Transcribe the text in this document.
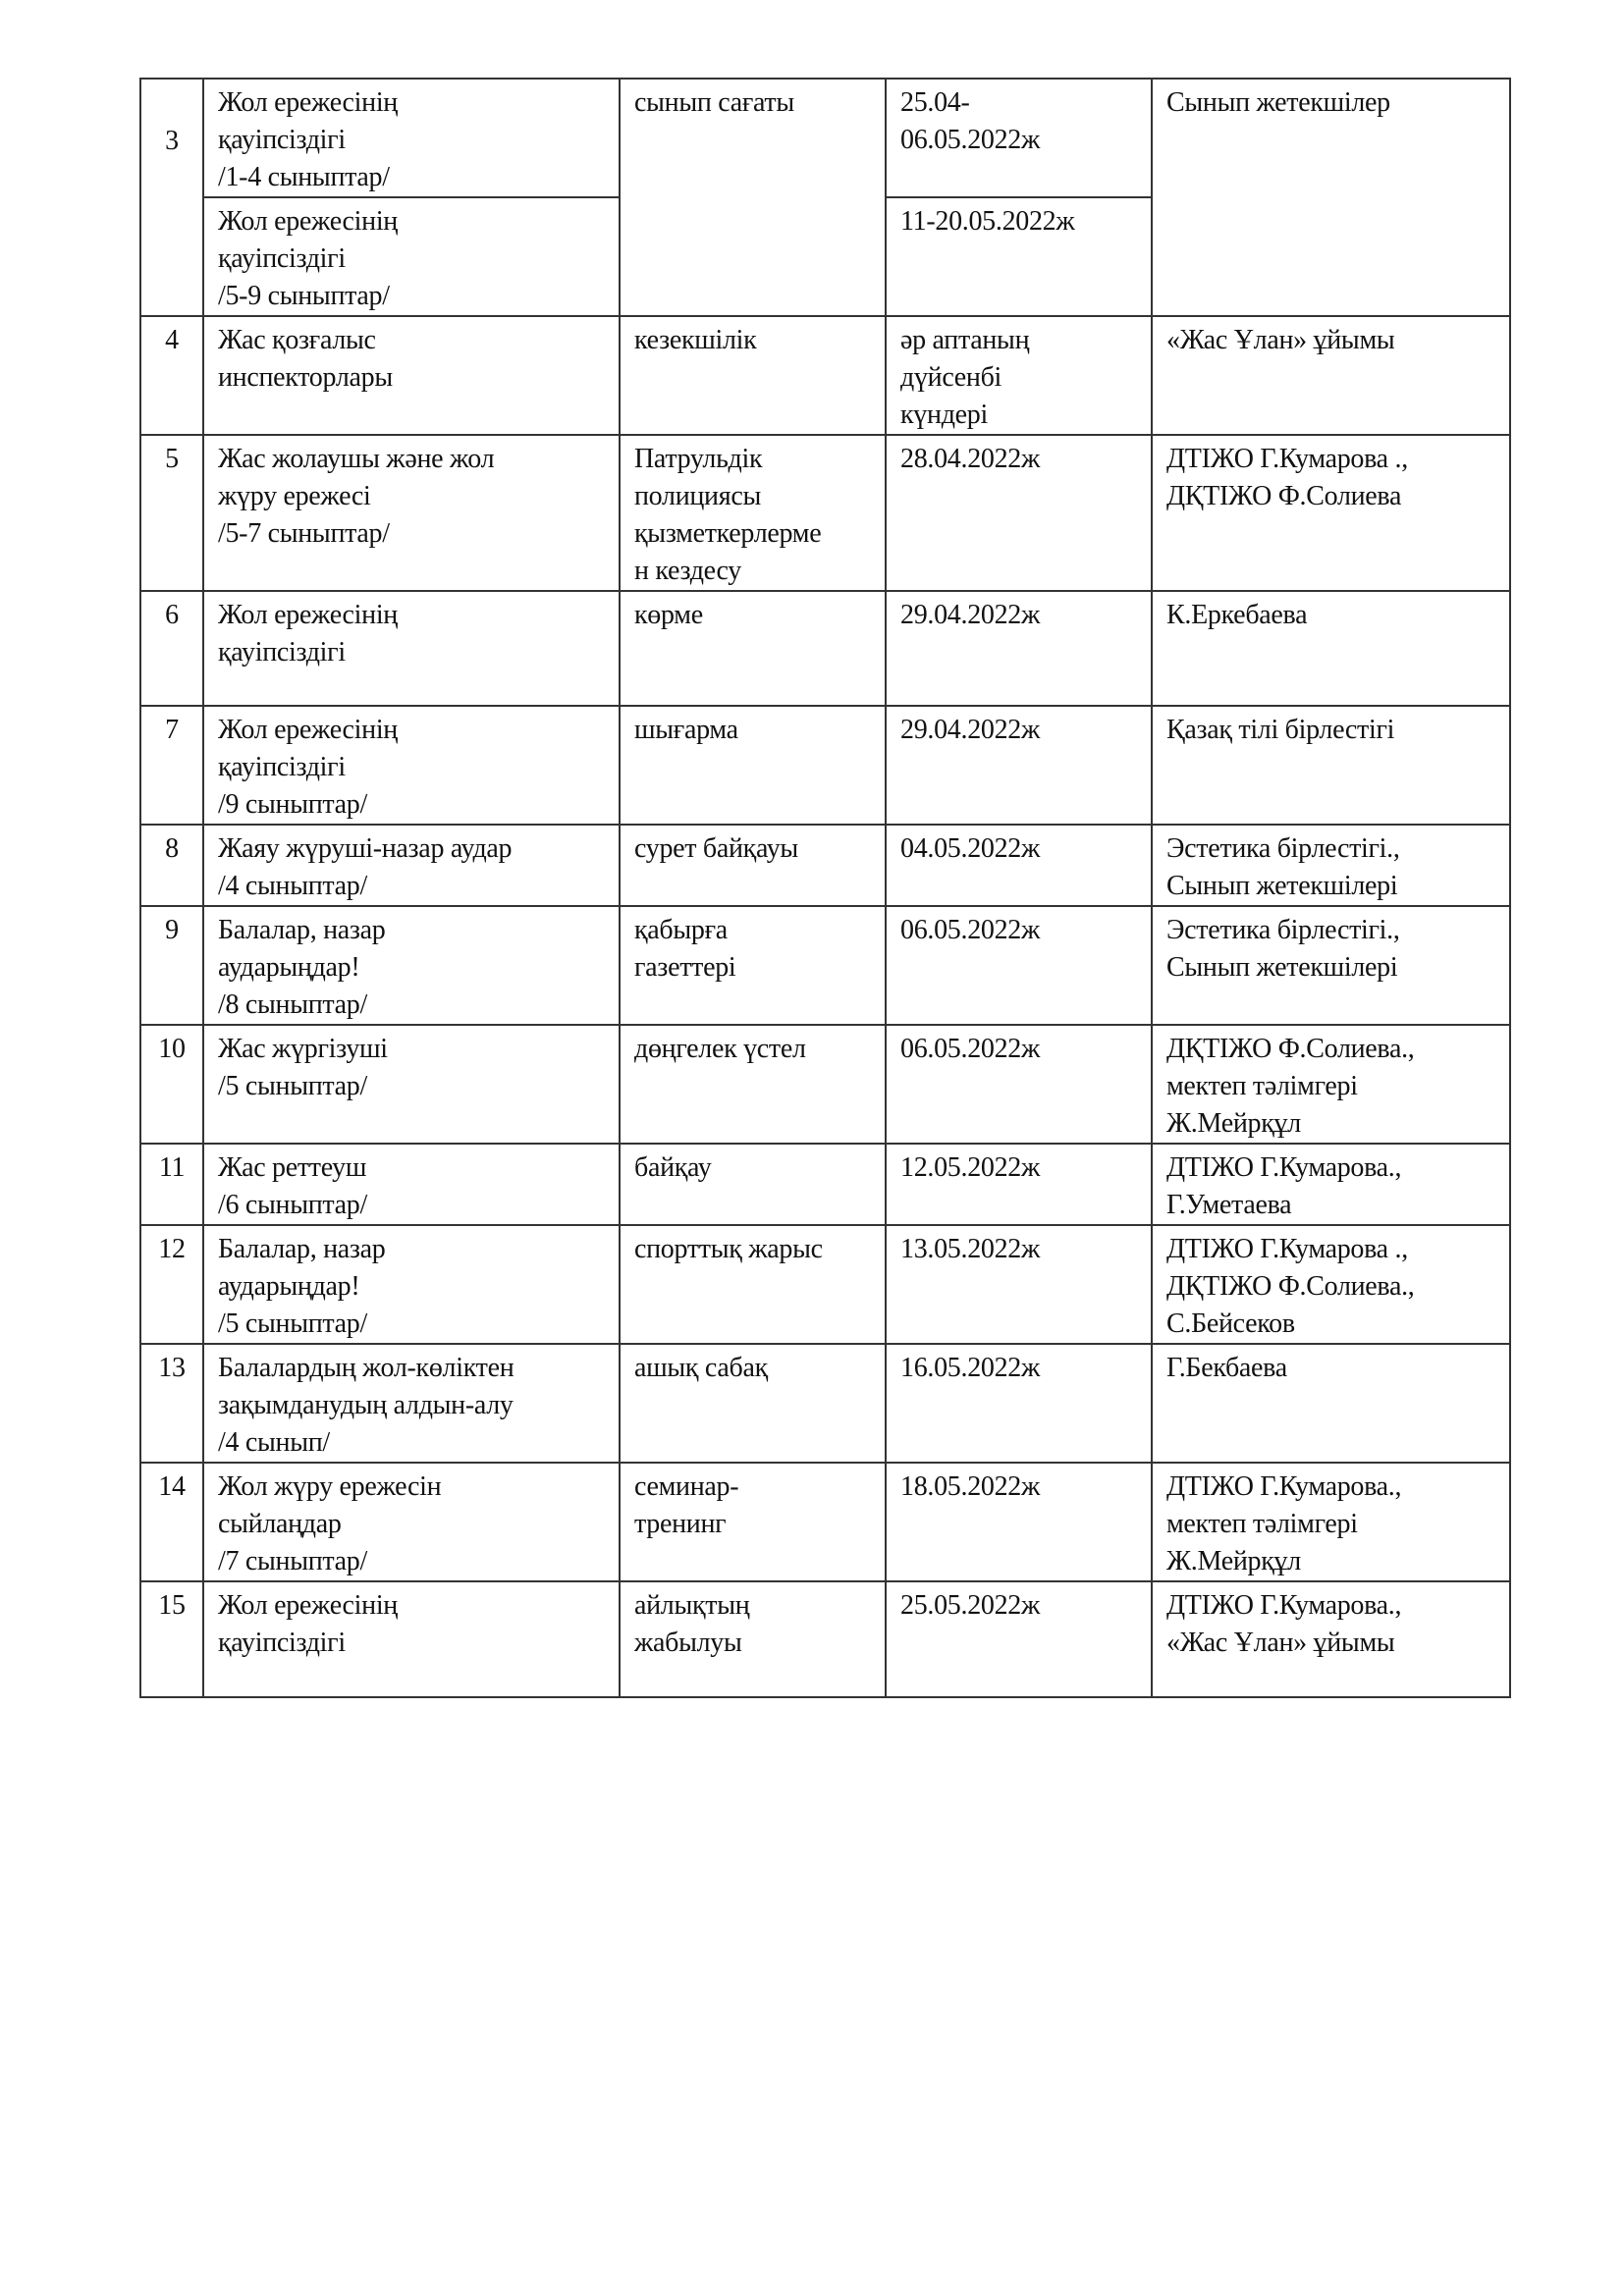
3	Жол ережесінің
қауіпсіздігі
/1-4 сыныптар/	сынып сағаты	25.04-
06.05.2022ж	Сынып жетекшілер
	Жол ережесінің
қауіпсіздігі
/5-9 сыныптар/		11-20.05.2022ж	
4	Жас қозғалыс
инспекторлары	кезекшілік	әр аптаның
дүйсенбі
күндері	«Жас Ұлан» ұйымы
5	Жас жолаушы және жол
жүру ережесі
/5-7 сыныптар/	Патрульдік
полициясы
қызметкерлерме
н кездесу	28.04.2022ж	ДТІЖО Г.Кумарова .,
ДҚТІЖО Ф.Солиева
6	Жол ережесінің
қауіпсіздігі	көрме	29.04.2022ж	К.Еркебаева
7	Жол ережесінің
қауіпсіздігі
/9 сыныптар/	шығарма	29.04.2022ж	Қазақ тілі бірлестігі
8	Жаяу жүруші-назар аудар
/4 сыныптар/	сурет байқауы	04.05.2022ж	Эстетика бірлестігі.,
Сынып жетекшілері
9	Балалар, назар
аударыңдар!
/8 сыныптар/	қабырға
газеттері	06.05.2022ж	Эстетика бірлестігі.,
Сынып жетекшілері
10	Жас жүргізуші
/5 сыныптар/	дөңгелек үстел	06.05.2022ж	ДҚТІЖО Ф.Солиева.,
мектеп тәлімгері
Ж.Мейрқұл
11	Жас реттеуш
/6 сыныптар/	байқау	12.05.2022ж	ДТІЖО Г.Кумарова.,
Г.Уметаева
12	Балалар, назар
аударыңдар!
/5 сыныптар/	спорттық жарыс	13.05.2022ж	ДТІЖО Г.Кумарова .,
ДҚТІЖО Ф.Солиева.,
С.Бейсеков
13	Балалардың жол-көліктен
зақымданудың алдын-алу
/4 сынып/	ашық сабақ	16.05.2022ж	Г.Бекбаева
14	Жол жүру ережесін
сыйлаңдар
/7 сыныптар/	семинар-
тренинг	18.05.2022ж	ДТІЖО Г.Кумарова.,
мектеп тәлімгері
Ж.Мейрқұл
15	Жол ережесінің
қауіпсіздігі	айлықтың
жабылуы	25.05.2022ж	ДТІЖО Г.Кумарова.,
«Жас Ұлан» ұйымы
